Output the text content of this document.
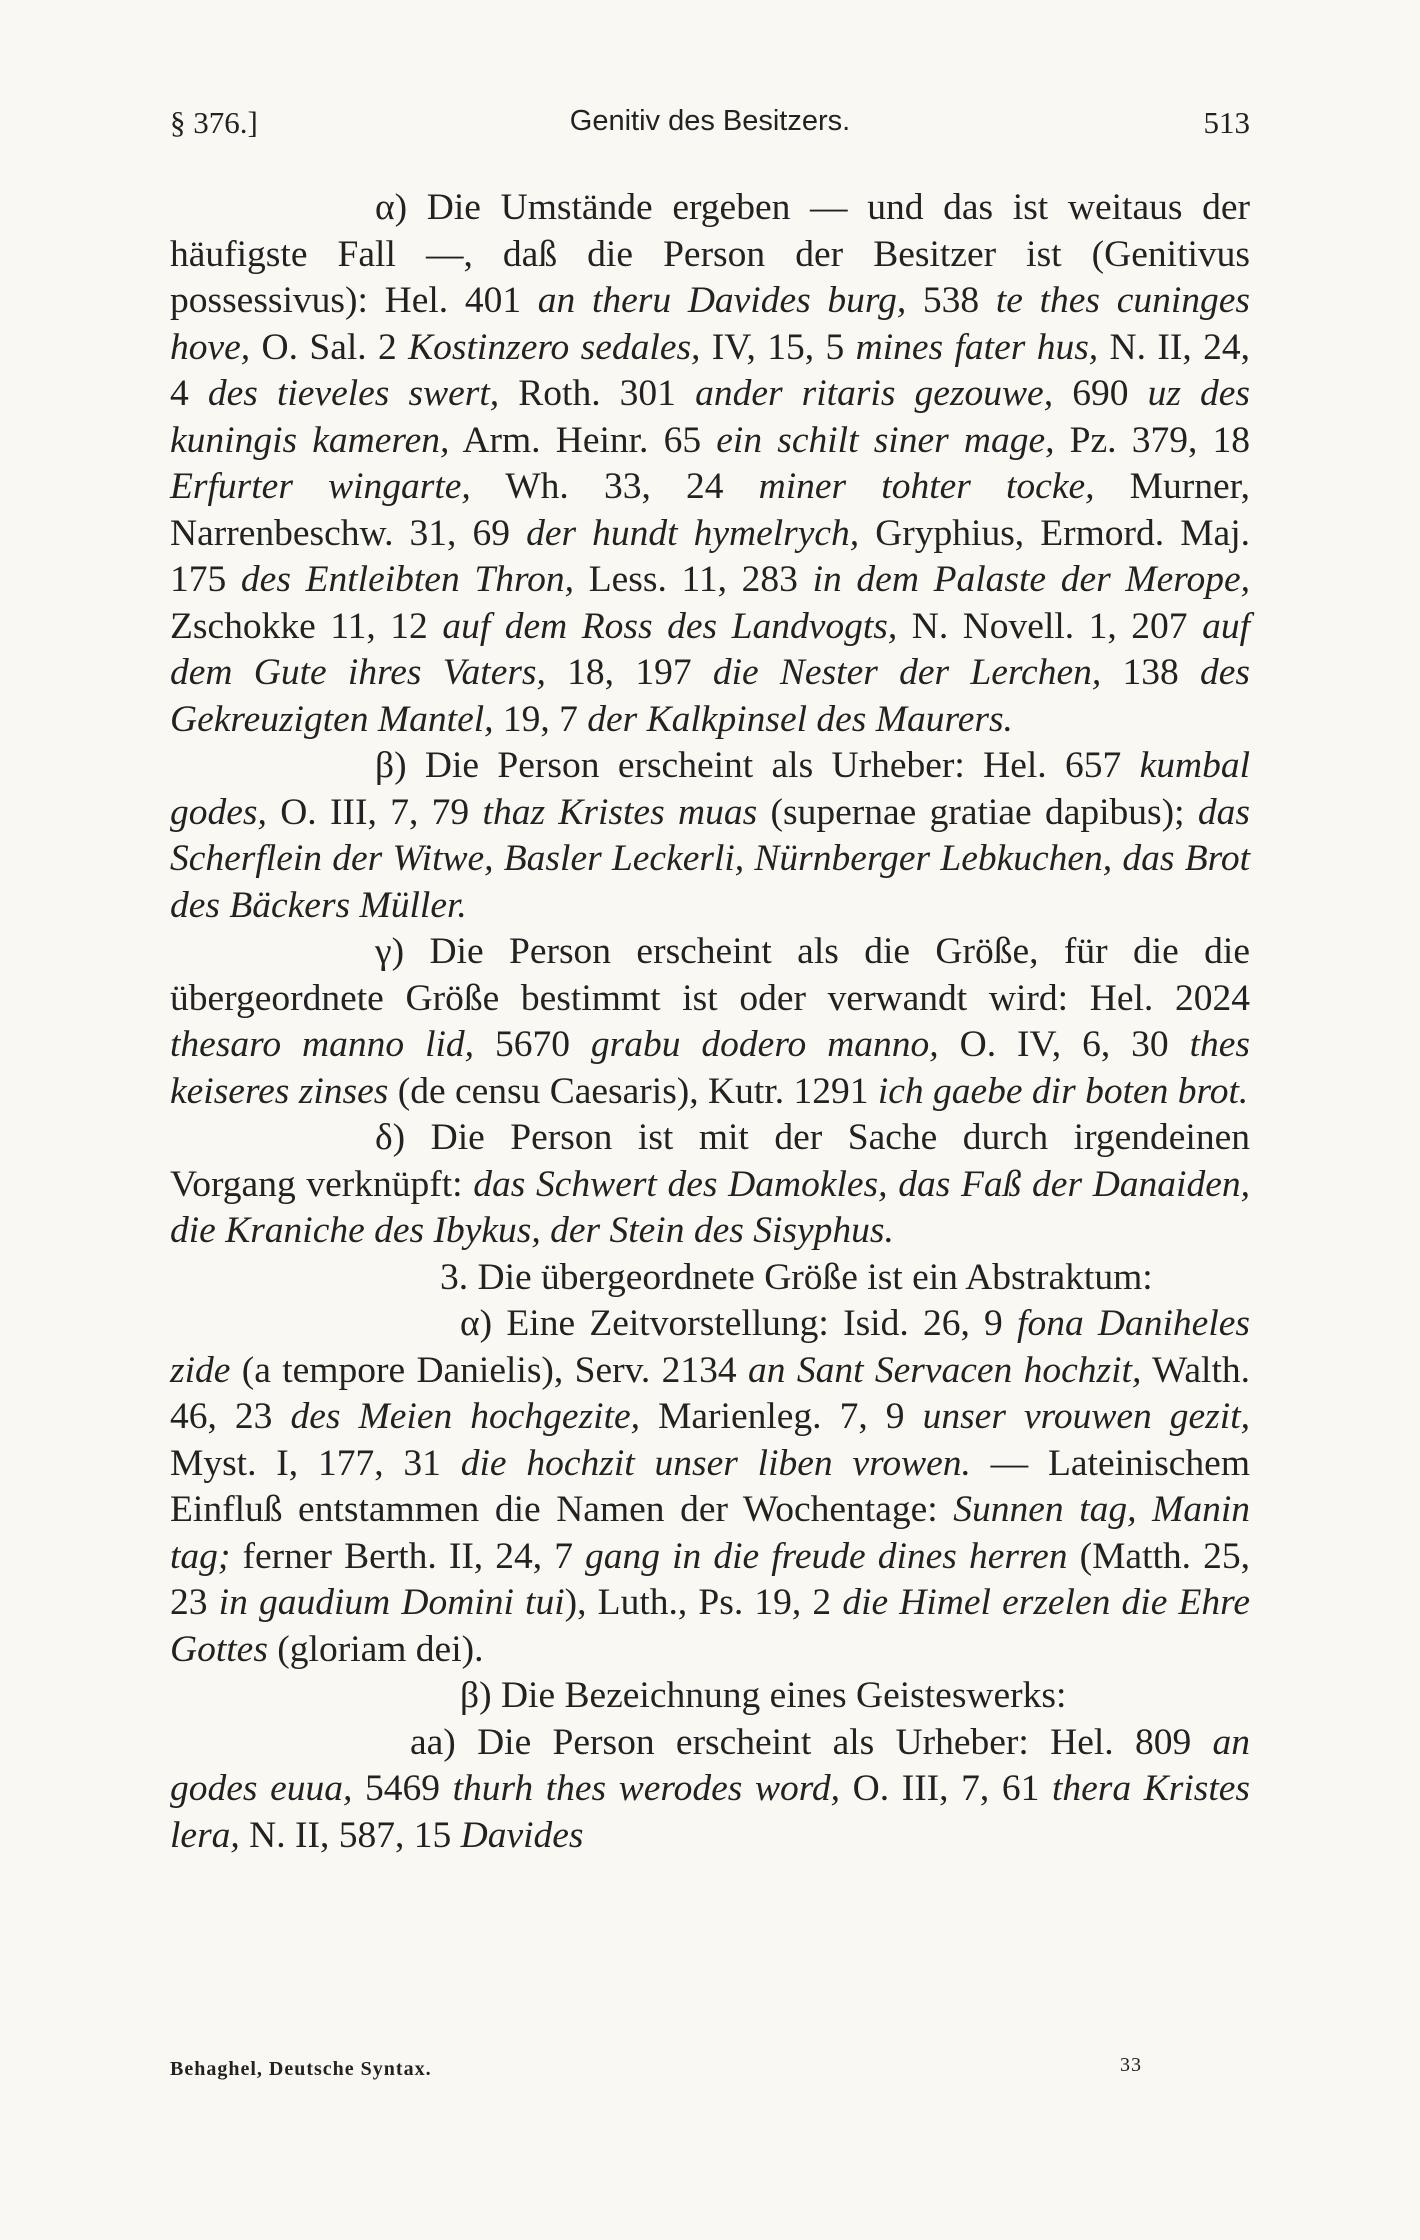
§ 376.]	Genitiv des Besitzers.	513

α) Die Umstände ergeben — und das ist weitaus der häufigste Fall —, daß die Person der Besitzer ist (Genitivus possessivus): Hel. 401 an theru Davides burg, 538 te thes cuninges hove, O. Sal. 2 Kostinzero sedales, IV, 15, 5 mines fater hus, N. II, 24, 4 des tieveles swert, Roth. 301 ander ritaris gezouwe, 690 uz des kuningis kameren, Arm. Heinr. 65 ein schilt siner mage, Pz. 379, 18 Erfurter wingarte, Wh. 33, 24 miner tohter tocke, Murner, Narrenbeschw. 31, 69 der hundt hymelrych, Gryphius, Ermord. Maj. 175 des Entleibten Thron, Less. 11, 283 in dem Palaste der Merope, Zschokke 11, 12 auf dem Ross des Landvogts, N. Novell. 1, 207 auf dem Gute ihres Vaters, 18, 197 die Nester der Lerchen, 138 des Gekreuzigten Mantel, 19, 7 der Kalkpinsel des Maurers.

β) Die Person erscheint als Urheber: Hel. 657 kumbal godes, O. III, 7, 79 thaz Kristes muas (supernae gratiae dapibus); das Scherflein der Witwe, Basler Leckerli, Nürnberger Lebkuchen, das Brot des Bäckers Müller.

γ) Die Person erscheint als die Größe, für die die übergeordnete Größe bestimmt ist oder verwandt wird: Hel. 2024 thesaro manno lid, 5670 grabu dodero manno, O. IV, 6, 30 thes keiseres zinses (de censu Caesaris), Kutr. 1291 ich gaebe dir boten brot.

δ) Die Person ist mit der Sache durch irgendeinen Vorgang verknüpft: das Schwert des Damokles, das Faß der Danaiden, die Kraniche des Ibykus, der Stein des Sisyphus.

3. Die übergeordnete Größe ist ein Abstraktum:

α) Eine Zeitvorstellung: Isid. 26, 9 fona Daniheles zide (a tempore Danielis), Serv. 2134 an Sant Servacen hochzit, Walth. 46, 23 des Meien hochgezite, Marienleg. 7, 9 unser vrouwen gezit, Myst. I, 177, 31 die hochzit unser liben vrowen. — Lateinischem Einfluß entstammen die Namen der Wochentage: Sunnen tag, Manin tag; ferner Berth. II, 24, 7 gang in die freude dines herren (Matth. 25, 23 in gaudium Domini tui), Luth., Ps. 19, 2 die Himel erzelen die Ehre Gottes (gloriam dei).

β) Die Bezeichnung eines Geisteswerks:

aa) Die Person erscheint als Urheber: Hel. 809 an godes euua, 5469 thurh thes werodes word, O. III, 7, 61 thera Kristes lera, N. II, 587, 15 Davides

Behaghel, Deutsche Syntax.	33
